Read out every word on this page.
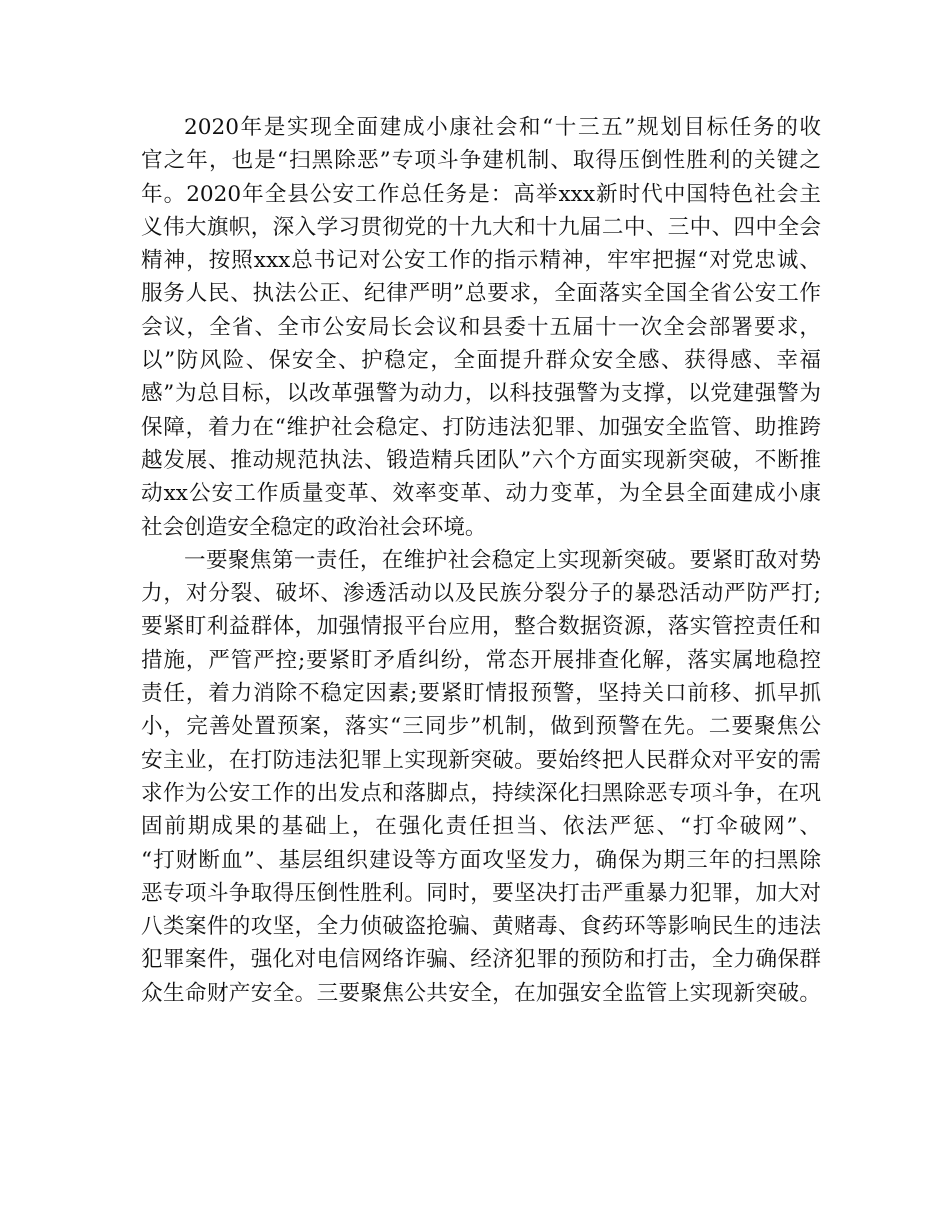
2020年是实现全面建成小康社会和“十三五”规划目标任务的收
官之年，也是“扫黑除恶”专项斗争建机制、取得压倒性胜利的关键之
年。2020年全县公安工作总任务是：高举xxx新时代中国特色社会主
义伟大旗帜，深入学习贯彻党的十九大和十九届二中、三中、四中全会
精神，按照xxx总书记对公安工作的指示精神，牢牢把握“对党忠诚、
服务人民、执法公正、纪律严明”总要求，全面落实全国全省公安工作
会议，全省、全市公安局长会议和县委十五届十一次全会部署要求，
以”防风险、保安全、护稳定，全面提升群众安全感、获得感、幸福
感”为总目标，以改革强警为动力，以科技强警为支撑，以党建强警为
保障，着力在“维护社会稳定、打防违法犯罪、加强安全监管、助推跨
越发展、推动规范执法、锻造精兵团队”六个方面实现新突破，不断推
动xx公安工作质量变革、效率变革、动力变革，为全县全面建成小康
社会创造安全稳定的政治社会环境。
一要聚焦第一责任，在维护社会稳定上实现新突破。要紧盯敌对势
力，对分裂、破坏、渗透活动以及民族分裂分子的暴恐活动严防严打;
要紧盯利益群体，加强情报平台应用，整合数据资源，落实管控责任和
措施，严管严控;要紧盯矛盾纠纷，常态开展排查化解，落实属地稳控
责任，着力消除不稳定因素;要紧盯情报预警，坚持关口前移、抓早抓
小，完善处置预案，落实“三同步”机制，做到预警在先。二要聚焦公
安主业，在打防违法犯罪上实现新突破。要始终把人民群众对平安的需
求作为公安工作的出发点和落脚点，持续深化扫黑除恶专项斗争，在巩
固前期成果的基础上，在强化责任担当、依法严惩、“打伞破网”、
“打财断血”、基层组织建设等方面攻坚发力，确保为期三年的扫黑除
恶专项斗争取得压倒性胜利。同时，要坚决打击严重暴力犯罪，加大对
八类案件的攻坚，全力侦破盗抢骗、黄赌毒、食药环等影响民生的违法
犯罪案件，强化对电信网络诈骗、经济犯罪的预防和打击，全力确保群
众生命财产安全。三要聚焦公共安全，在加强安全监管上实现新突破。
